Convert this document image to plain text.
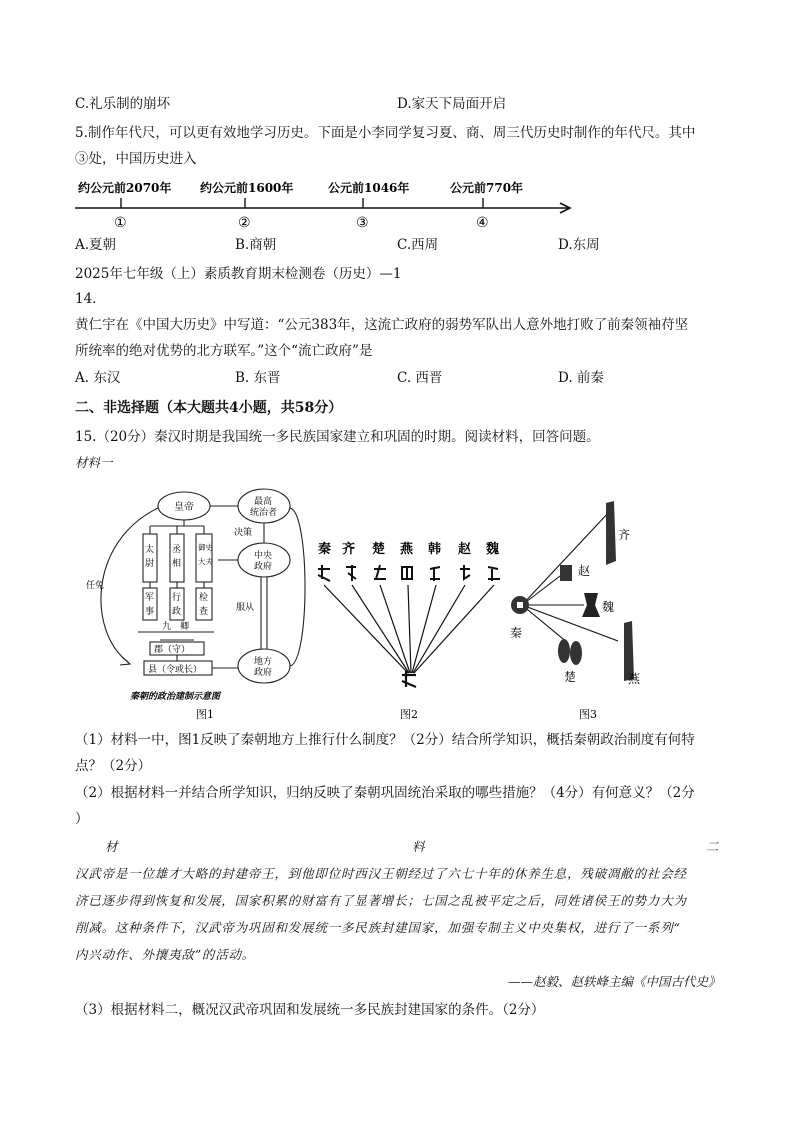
C.礼乐制的崩坏	D.家天下局面开启
5.制作年代尺，可以更有效地学习历史。下面是小李同学复习夏、商、周三代历史时制作的年代尺。其中
③处，中国历史进入
约公元前2070年 约公元前1600年	公元前1046年	公元前770年
①	②	③	④
A.夏朝	B.商朝	C.西周	D.东周
2025年七年级（上）素质教育期末检测卷（历史）—1
14.
黄仁宇在《中国大历史》中写道：“公元383年，这流亡政府的弱势军队出人意外地打败了前秦领袖苻坚
所统率的绝对优势的北方联军。”这个“流亡政府”是
A. 东汉	B. 东晋	C. 西晋	D. 前秦
二、非选择题（本大题共4小题，共58分）
15.（20分）秦汉时期是我国统一多民族国家建立和巩固的时期。阅读材料，回答问题。
材料一
皇帝	最高
统治者
决策
中央
政府
太
尉
丞
相
御史
大夫
军
事
行
政
检
查
九　卿
郡（守）
县（令或长）
任免
服从
地方
政府
秦朝的政治建制示意图
图1
秦 齐 楚 燕 韩 赵 魏
图2
秦
赵
齐
魏
楚	燕
图3
（1）材料一中，图1反映了秦朝地方上推行什么制度？（2分）结合所学知识，概括秦朝政治制度有何特
点？（2分）
（2）根据材料一并结合所学知识，归纳反映了秦朝巩固统治采取的哪些措施？（4分）有何意义？（2分
）
材	料	二
汉武帝是一位雄才大略的封建帝王，到他即位时西汉王朝经过了六七十年的休养生息，残破凋敝的社会经
济已逐步得到恢复和发展，国家积累的财富有了显著增长；七国之乱被平定之后，同姓诸侯王的势力大为
削减。这种条件下，汉武帝为巩固和发展统一多民族封建国家，加强专制主义中央集权，进行了一系列“
内兴动作、外攘夷敌”的活动。
——赵毅、赵轶峰主编《中国古代史》
（3）根据材料二，概况汉武帝巩固和发展统一多民族封建国家的条件。（2分）
